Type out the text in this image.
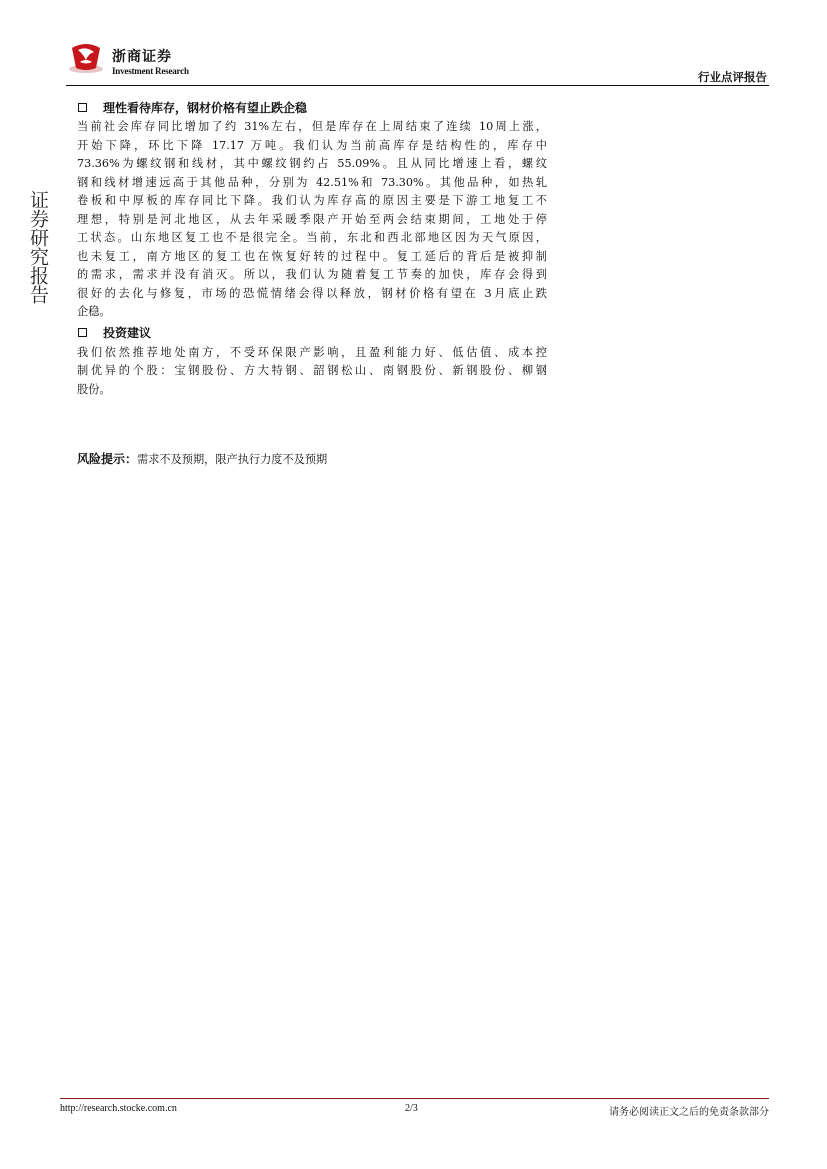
浙商证券
Investment Research	行业点评报告
证券研究报告
理性看待库存，钢材价格有望止跌企稳
当前社会库存同比增加了约 31%左右，但是库存在上周结束了连续 10周上涨，
开始下降，环比下降 17.17 万吨。我们认为当前高库存是结构性的，库存中
73.36%为螺纹钢和线材，其中螺纹钢约占 55.09%。且从同比增速上看，螺纹
钢和线材增速远高于其他品种，分别为 42.51%和 73.30%。其他品种，如热轧
卷板和中厚板的库存同比下降。我们认为库存高的原因主要是下游工地复工不
理想，特别是河北地区，从去年采暖季限产开始至两会结束期间，工地处于停
工状态。山东地区复工也不是很完全。当前，东北和西北部地区因为天气原因，
也未复工，南方地区的复工也在恢复好转的过程中。复工延后的背后是被抑制
的需求，需求并没有消灭。所以，我们认为随着复工节奏的加快，库存会得到
很好的去化与修复，市场的恐慌情绪会得以释放，钢材价格有望在 3月底止跌
企稳。
投资建议
我们依然推荐地处南方，不受环保限产影响，且盈利能力好、低估值、成本控
制优异的个股：宝钢股份、方大特钢、韶钢松山、南钢股份、新钢股份、柳钢
股份。
风险提示：需求不及预期，限产执行力度不及预期
http://research.stocke.com.cn	2/3	请务必阅读正文之后的免责条款部分
